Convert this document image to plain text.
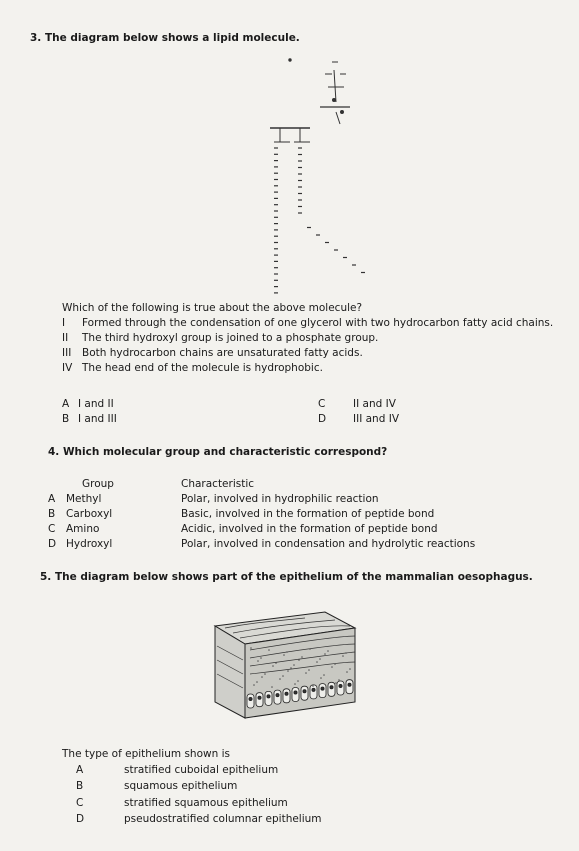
3. The diagram below shows a lipid molecule.
Which of the following is true about the above molecule?
I Formed through the condensation of one glycerol with two hydrocarbon fatty acid chains.
II The third hydroxyl group is joined to a phosphate group.
III Both hydrocarbon chains are unsaturated fatty acids.
IV The head end of the molecule is hydrophobic.
A I and II
B I and III
C	II and IV
D	III and IV
4. Which molecular group and characteristic correspond?
Group	Characteristic
A Methyl	Polar, involved in hydrophilic reaction
B Carboxyl	Basic, involved in the formation of peptide bond
C Amino	Acidic, involved in the formation of peptide bond
D Hydroxyl	Polar, involved in condensation and hydrolytic reactions
5. The diagram below shows part of the epithelium of the mammalian oesophagus.
The type of epithelium shown is
A	stratified cuboidal epithelium
B	squamous epithelium
C	stratified squamous epithelium
D	pseudostratified columnar epithelium
